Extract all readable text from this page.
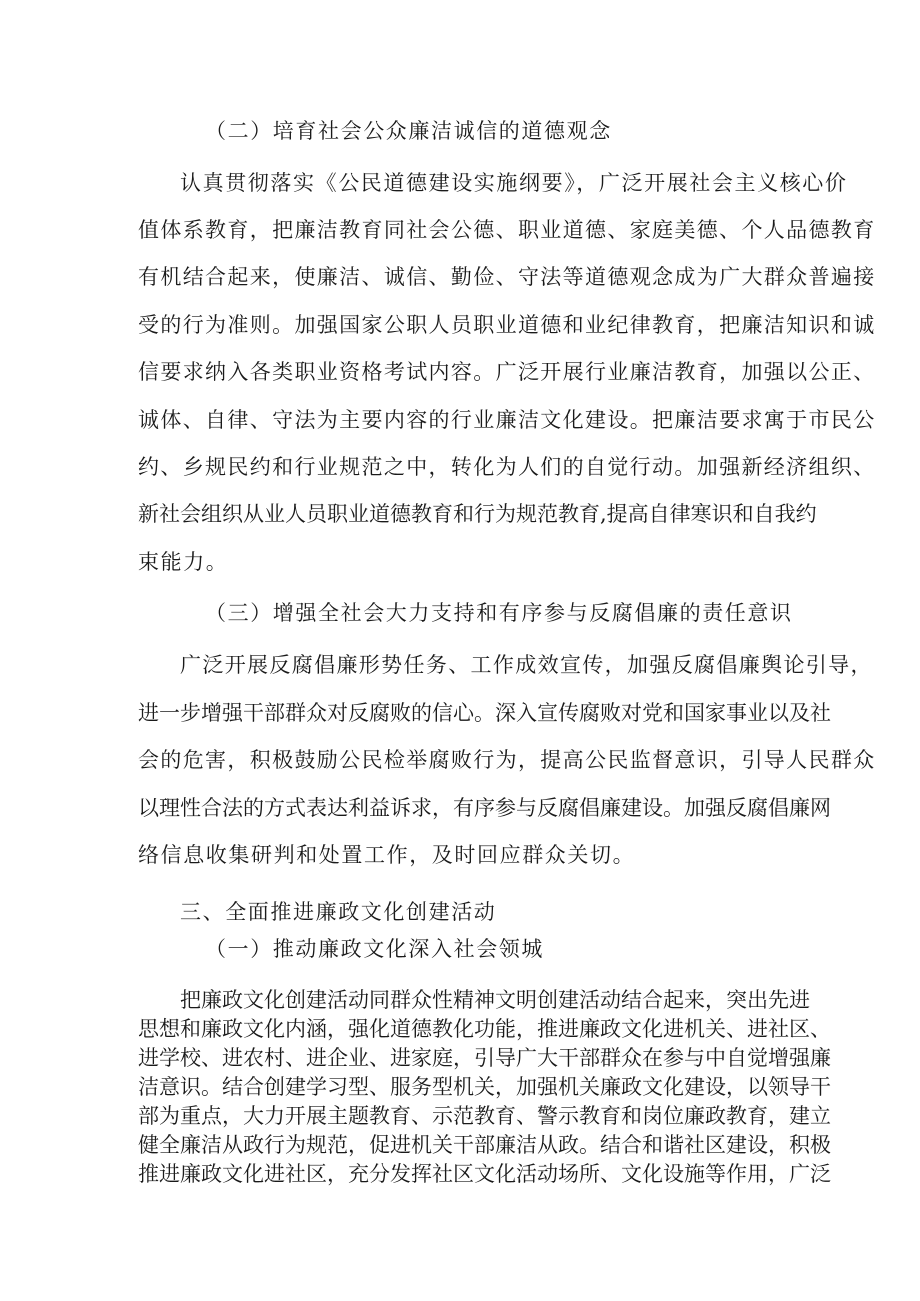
（二）培育社会公众廉洁诚信的道德观念
认真贯彻落实《公民道德建设实施纲要》，广泛开展社会主义核心价
值体系教育，把廉洁教育同社会公德、职业道德、家庭美德、个人品德教育
有机结合起来，使廉洁、诚信、勤俭、守法等道德观念成为广大群众普遍接
受的行为准则。加强国家公职人员职业道德和业纪律教育，把廉洁知识和诚
信要求纳入各类职业资格考试内容。广泛开展行业廉洁教育，加强以公正、
诚体、自律、守法为主要内容的行业廉洁文化建设。把廉洁要求寓于市民公
约、乡规民约和行业规范之中，转化为人们的自觉行动。加强新经济组织、
新社会组织从业人员职业道德教育和行为规范教育,提高自律寒识和自我约
束能力。
（三）增强全社会大力支持和有序参与反腐倡廉的责任意识
广泛开展反腐倡廉形势任务、工作成效宣传，加强反腐倡廉舆论引导，
进一步增强干部群众对反腐败的信心。深入宣传腐败对党和国家事业以及社
会的危害，积极鼓励公民检举腐败行为，提高公民监督意识，引导人民群众
以理性合法的方式表达利益诉求，有序参与反腐倡廉建设。加强反腐倡廉网
络信息收集研判和处置工作，及时回应群众关切。
三、全面推进廉政文化创建活动
（一）推动廉政文化深入社会领城
把廉政文化创建活动同群众性精神文明创建活动结合起来，突出先进
思想和廉政文化内涵，强化道德教化功能，推进廉政文化进机关、进社区、
进学校、进农村、进企业、进家庭，引导广大干部群众在参与中自觉增强廉
洁意识。结合创建学习型、服务型机关，加强机关廉政文化建设，以领导干
部为重点，大力开展主题教育、示范教育、警示教育和岗位廉政教育，建立
健全廉洁从政行为规范，促进机关干部廉洁从政。结合和谐社区建设，积极
推进廉政文化进社区，充分发挥社区文化活动场所、文化设施等作用，广泛
